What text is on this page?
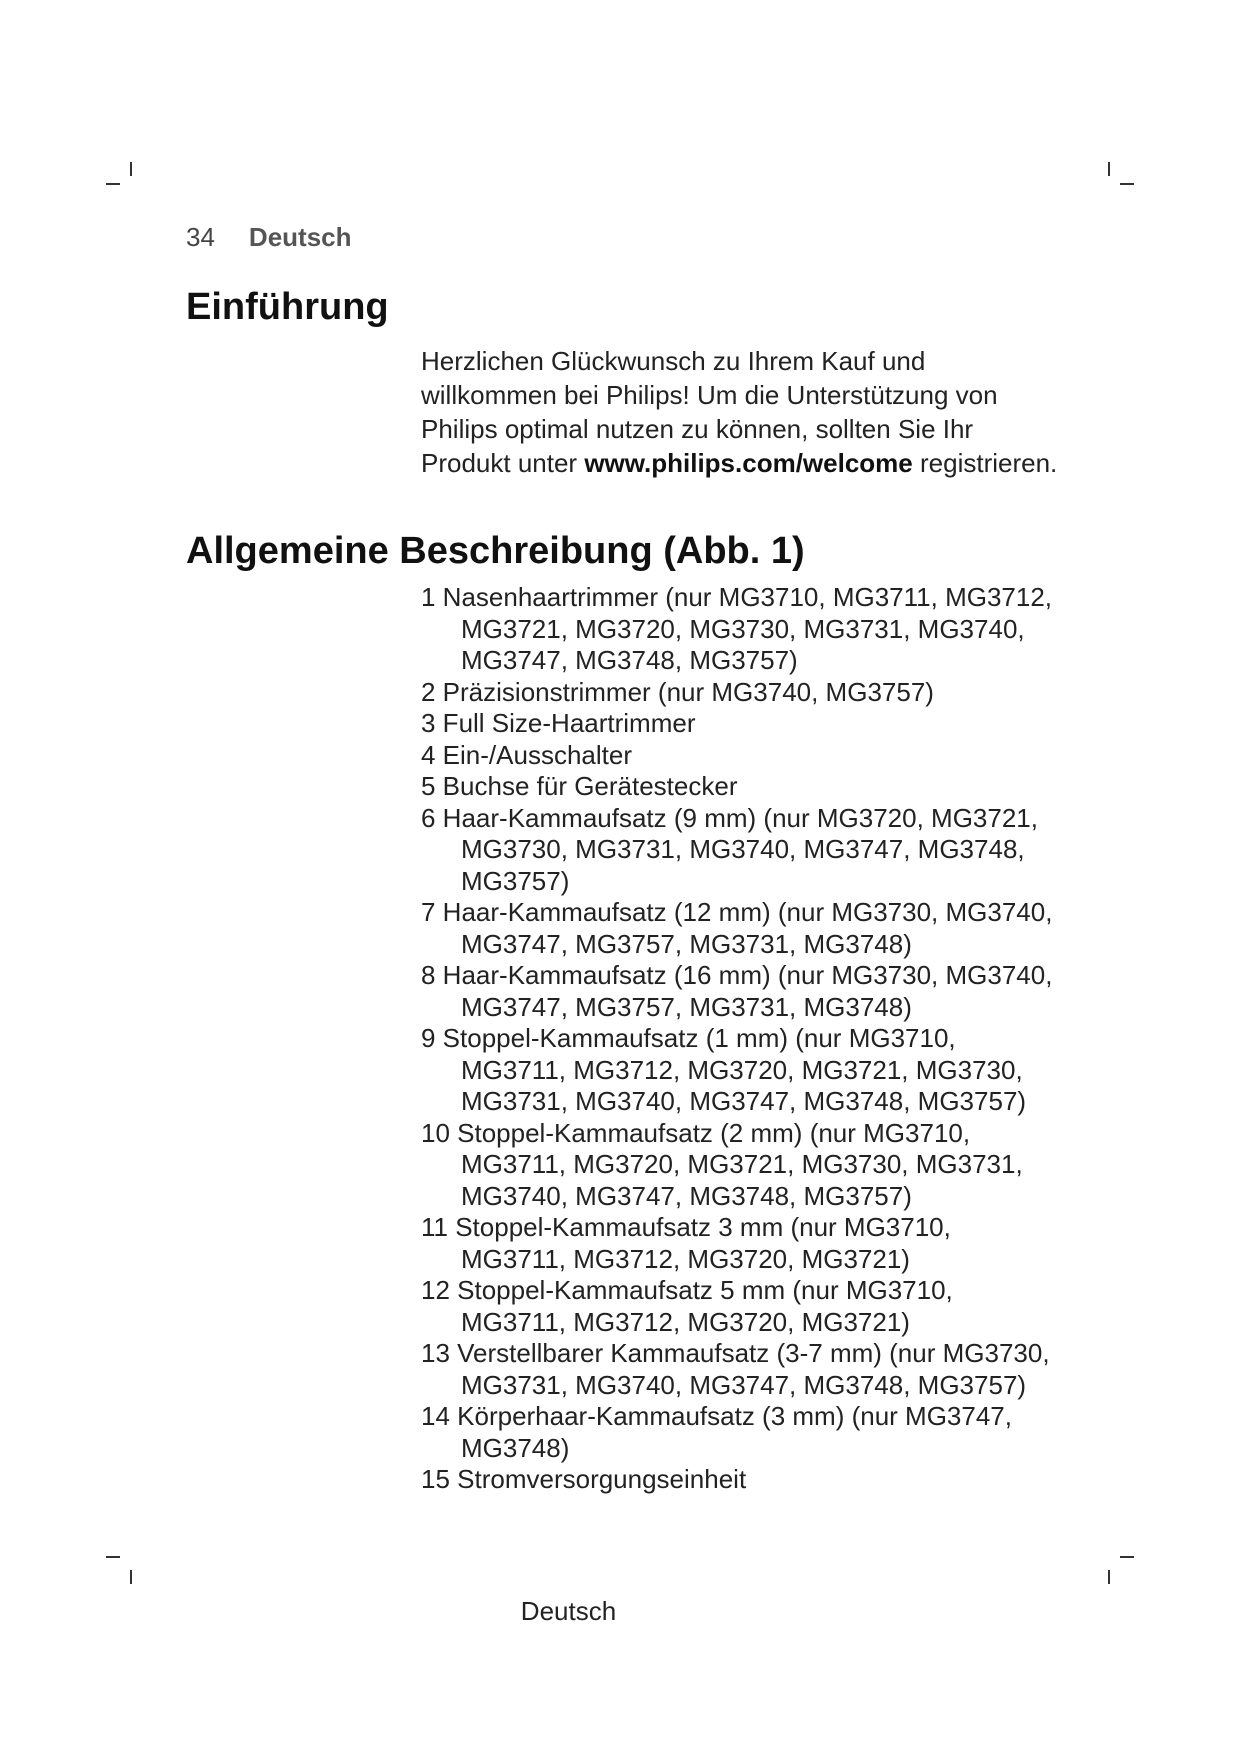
34 Deutsch
Einführung

Herzlichen Glückwunsch zu Ihrem Kauf und willkommen bei Philips! Um die Unterstützung von Philips optimal nutzen zu können, sollten Sie Ihr Produkt unter www.philips.com/welcome registrieren.

Allgemeine Beschreibung (Abb. 1)
1 Nasenhaartrimmer (nur MG3710, MG3711, MG3712, MG3721, MG3720, MG3730, MG3731, MG3740, MG3747, MG3748, MG3757)
2 Präzisionstrimmer (nur MG3740, MG3757)
3 Full Size-Haartrimmer
4 Ein-/Ausschalter
5 Buchse für Gerätestecker
6 Haar-Kammaufsatz (9 mm) (nur MG3720, MG3721, MG3730, MG3731, MG3740, MG3747, MG3748, MG3757)
7 Haar-Kammaufsatz (12 mm) (nur MG3730, MG3740, MG3747, MG3757, MG3731, MG3748)
8 Haar-Kammaufsatz (16 mm) (nur MG3730, MG3740, MG3747, MG3757, MG3731, MG3748)
9 Stoppel-Kammaufsatz (1 mm) (nur MG3710, MG3711, MG3712, MG3720, MG3721, MG3730, MG3731, MG3740, MG3747, MG3748, MG3757)
10 Stoppel-Kammaufsatz (2 mm) (nur MG3710, MG3711, MG3720, MG3721, MG3730, MG3731, MG3740, MG3747, MG3748, MG3757)
11 Stoppel-Kammaufsatz 3 mm (nur MG3710, MG3711, MG3712, MG3720, MG3721)
12 Stoppel-Kammaufsatz 5 mm (nur MG3710, MG3711, MG3712, MG3720, MG3721)
13 Verstellbarer Kammaufsatz (3-7 mm) (nur MG3730, MG3731, MG3740, MG3747, MG3748, MG3757)
14 Körperhaar-Kammaufsatz (3 mm) (nur MG3747, MG3748)
15 Stromversorgungseinheit
Deutsch
